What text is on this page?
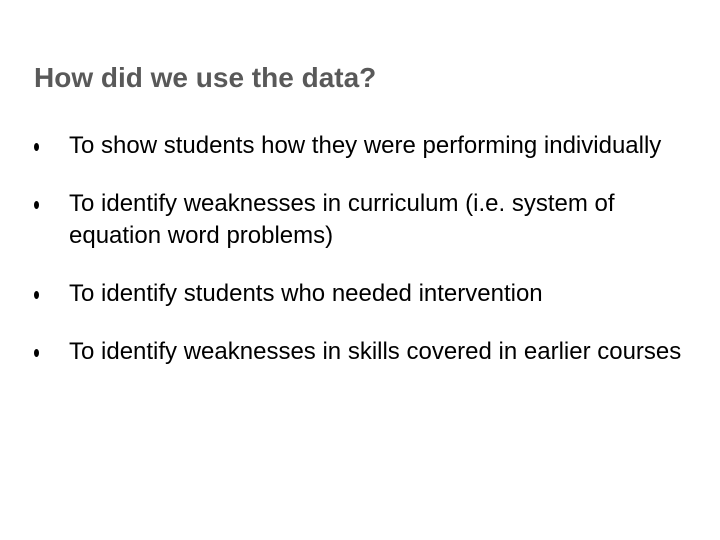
How did we use the data?
To show students how they were performing individually
To identify weaknesses in curriculum (i.e. system of equation word problems)
To identify students who needed intervention
To identify weaknesses in skills covered in earlier courses
